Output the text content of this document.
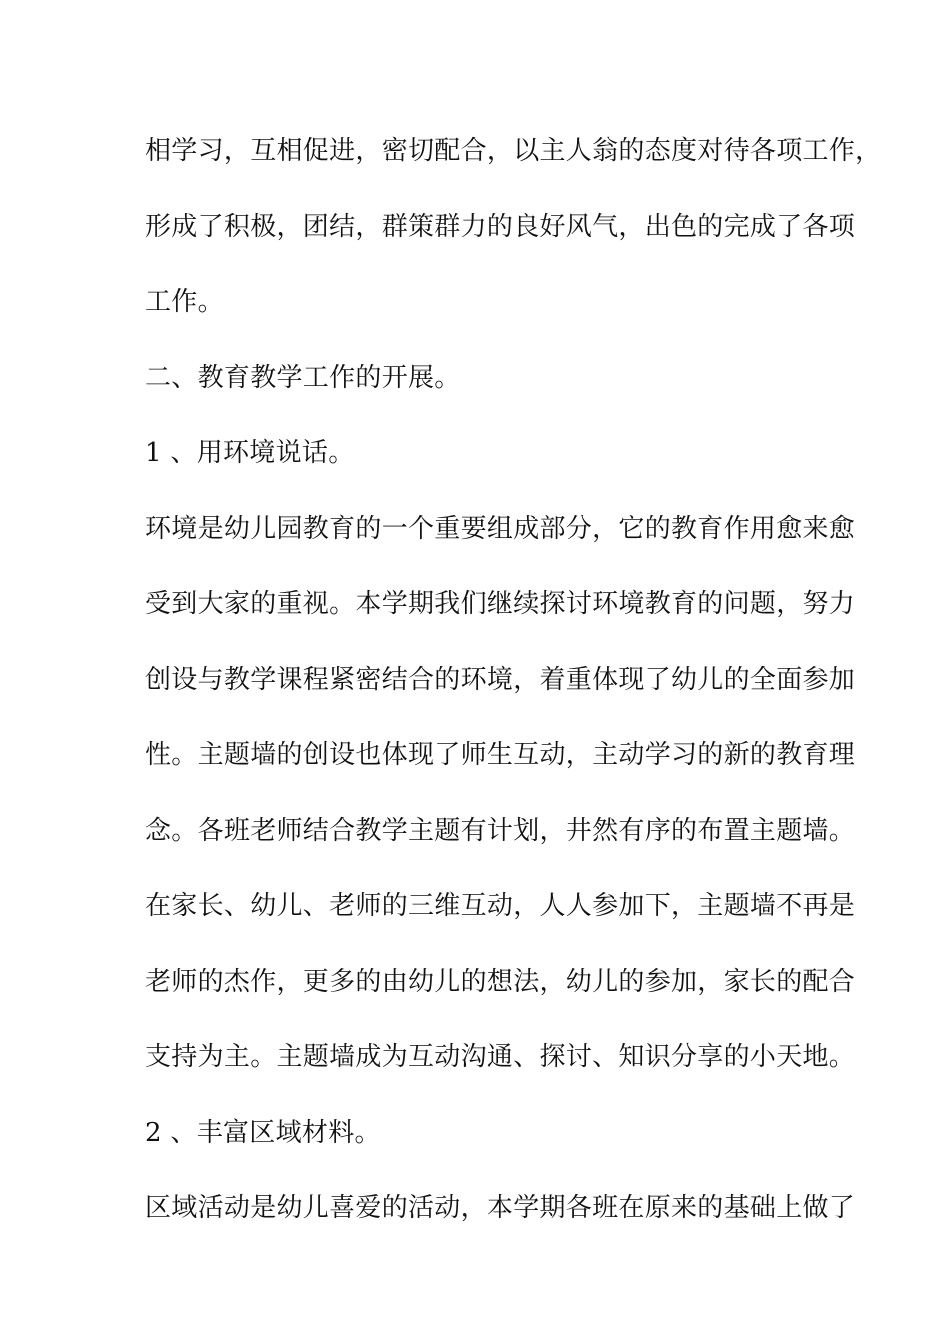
相学习，互相促进，密切配合，以主人翁的态度对待各项工作，
形成了积极，团结，群策群力的良好风气，出色的完成了各项
工作。
二、教育教学工作的开展。
1 、用环境说话。
环境是幼儿园教育的一个重要组成部分，它的教育作用愈来愈
受到大家的重视。本学期我们继续探讨环境教育的问题，努力
创设与教学课程紧密结合的环境，着重体现了幼儿的全面参加
性。主题墙的创设也体现了师生互动，主动学习的新的教育理
念。各班老师结合教学主题有计划，井然有序的布置主题墙。
在家长、幼儿、老师的三维互动，人人参加下，主题墙不再是
老师的杰作，更多的由幼儿的想法，幼儿的参加，家长的配合
支持为主。主题墙成为互动沟通、探讨、知识分享的小天地。
2 、丰富区域材料。
区域活动是幼儿喜爱的活动，本学期各班在原来的基础上做了
